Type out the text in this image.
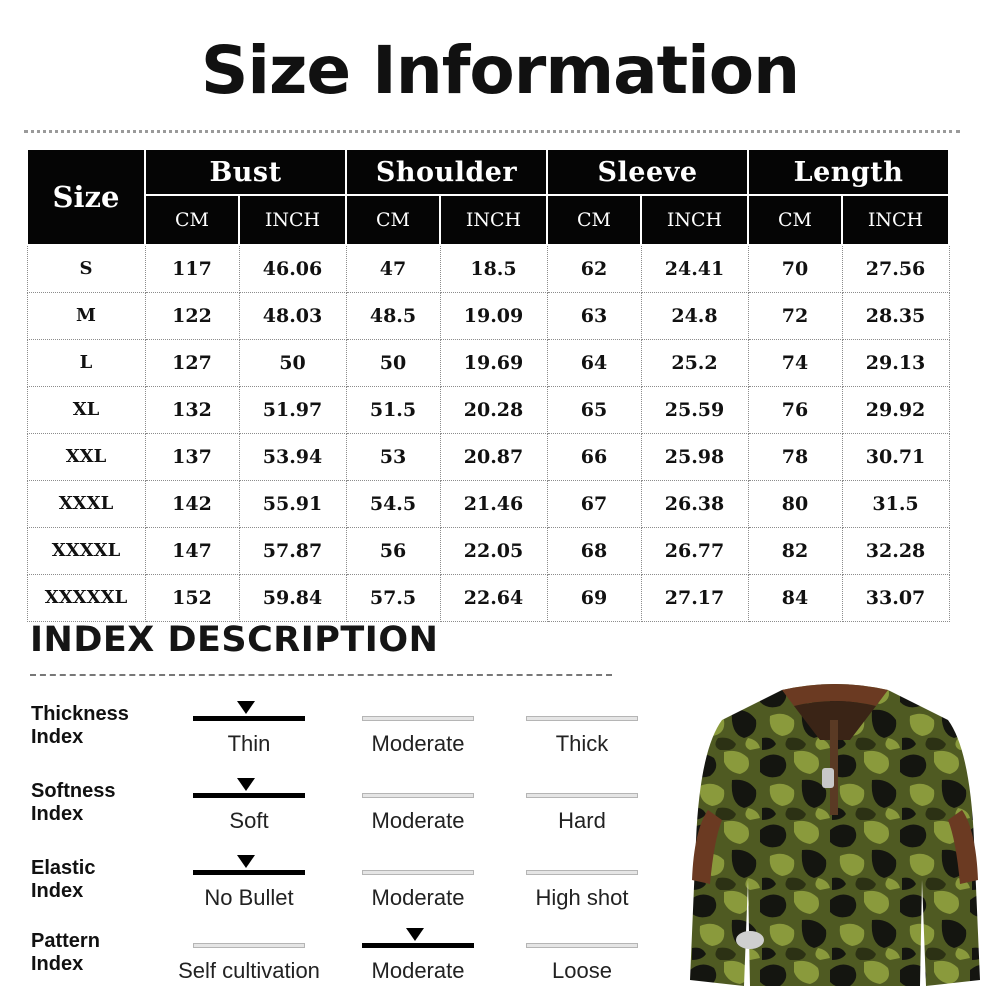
Size Information
Size	Bust		Shoulder		Sleeve		Length	
	CM	INCH	CM	INCH	CM	INCH	CM	INCH
S	117	46.06	47	18.5	62	24.41	70	27.56
M	122	48.03	48.5	19.09	63	24.8	72	28.35
L	127	50	50	19.69	64	25.2	74	29.13
XL	132	51.97	51.5	20.28	65	25.59	76	29.92
XXL	137	53.94	53	20.87	66	25.98	78	30.71
XXXL	142	55.91	54.5	21.46	67	26.38	80	31.5
XXXXL	147	57.87	56	22.05	68	26.77	82	32.28
XXXXXL	152	59.84	57.5	22.64	69	27.17	84	33.07
INDEX DESCRIPTION
Thickness
Index	Thin	Moderate	Thick
Softness
Index	Soft	Moderate	Hard
Elastic
Index	No Bullet	Moderate	High shot
Pattern
Index	Self cultivation	Moderate	Loose
